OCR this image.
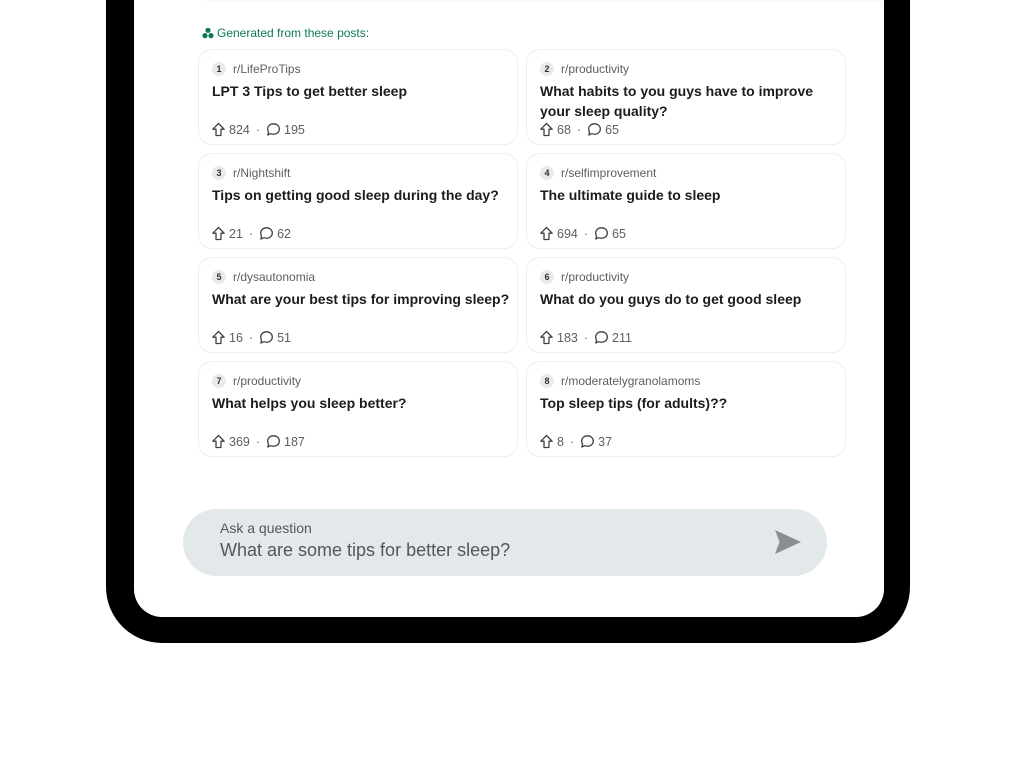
Generated from these posts:
1 r/LifeProTips
LPT 3 Tips to get better sleep
824 · 195
2 r/productivity
What habits to you guys have to improve your sleep quality?
68 · 65
3 r/Nightshift
Tips on getting good sleep during the day?
21 · 62
4 r/selfimprovement
The ultimate guide to sleep
694 · 65
5 r/dysautonomia
What are your best tips for improving sleep?
16 · 51
6 r/productivity
What do you guys do to get good sleep
183 · 211
7 r/productivity
What helps you sleep better?
369 · 187
8 r/moderatelygranolamoms
Top sleep tips (for adults)??
8 · 37
Ask a question
What are some tips for better sleep?
